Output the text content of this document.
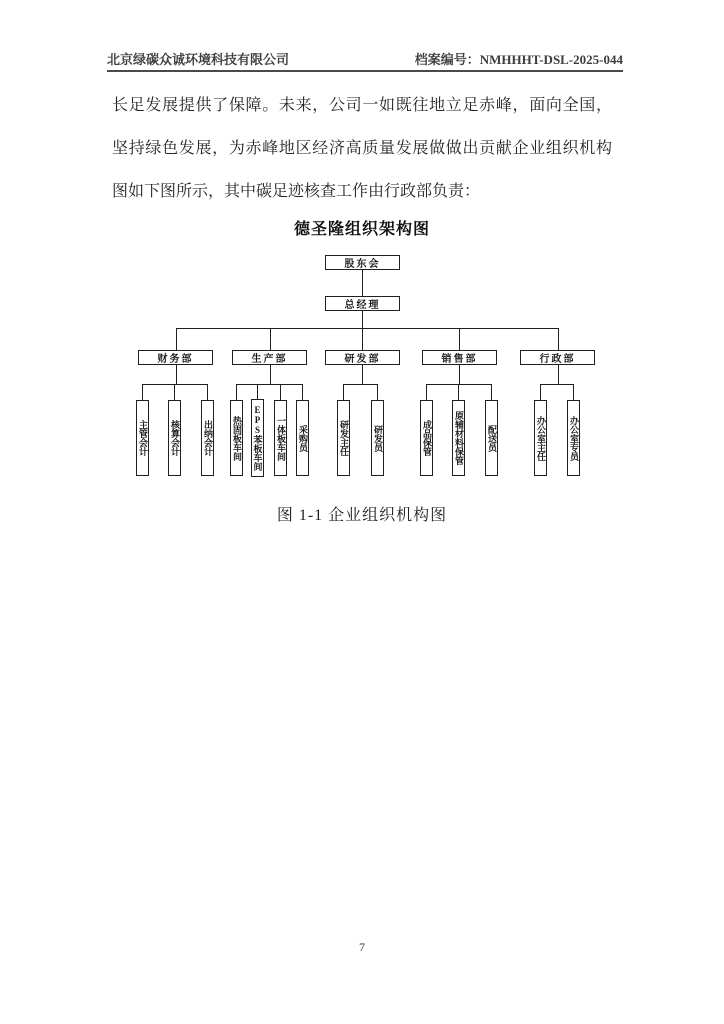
北京绿碳众诚环境科技有限公司	档案编号：NMHHHT-DSL-2025-044
长足发展提供了保障。未来，公司一如既往地立足赤峰，面向全国，
坚持绿色发展，为赤峰地区经济高质量发展做做出贡献企业组织机构
图如下图所示，其中碳足迹核查工作由行政部负责：
德圣隆组织架构图
股东会
总经理
财务部	生产部	研发部	销售部	行政部
主管会计 核算会计	出纳会计 热固板车间 EPS苯板车间 一体板车间 采购员	研发主任	研发员	成品保管 原辅材料保管	配送员	办公室主任	办公室专员
图 1-1 企业组织机构图
7
